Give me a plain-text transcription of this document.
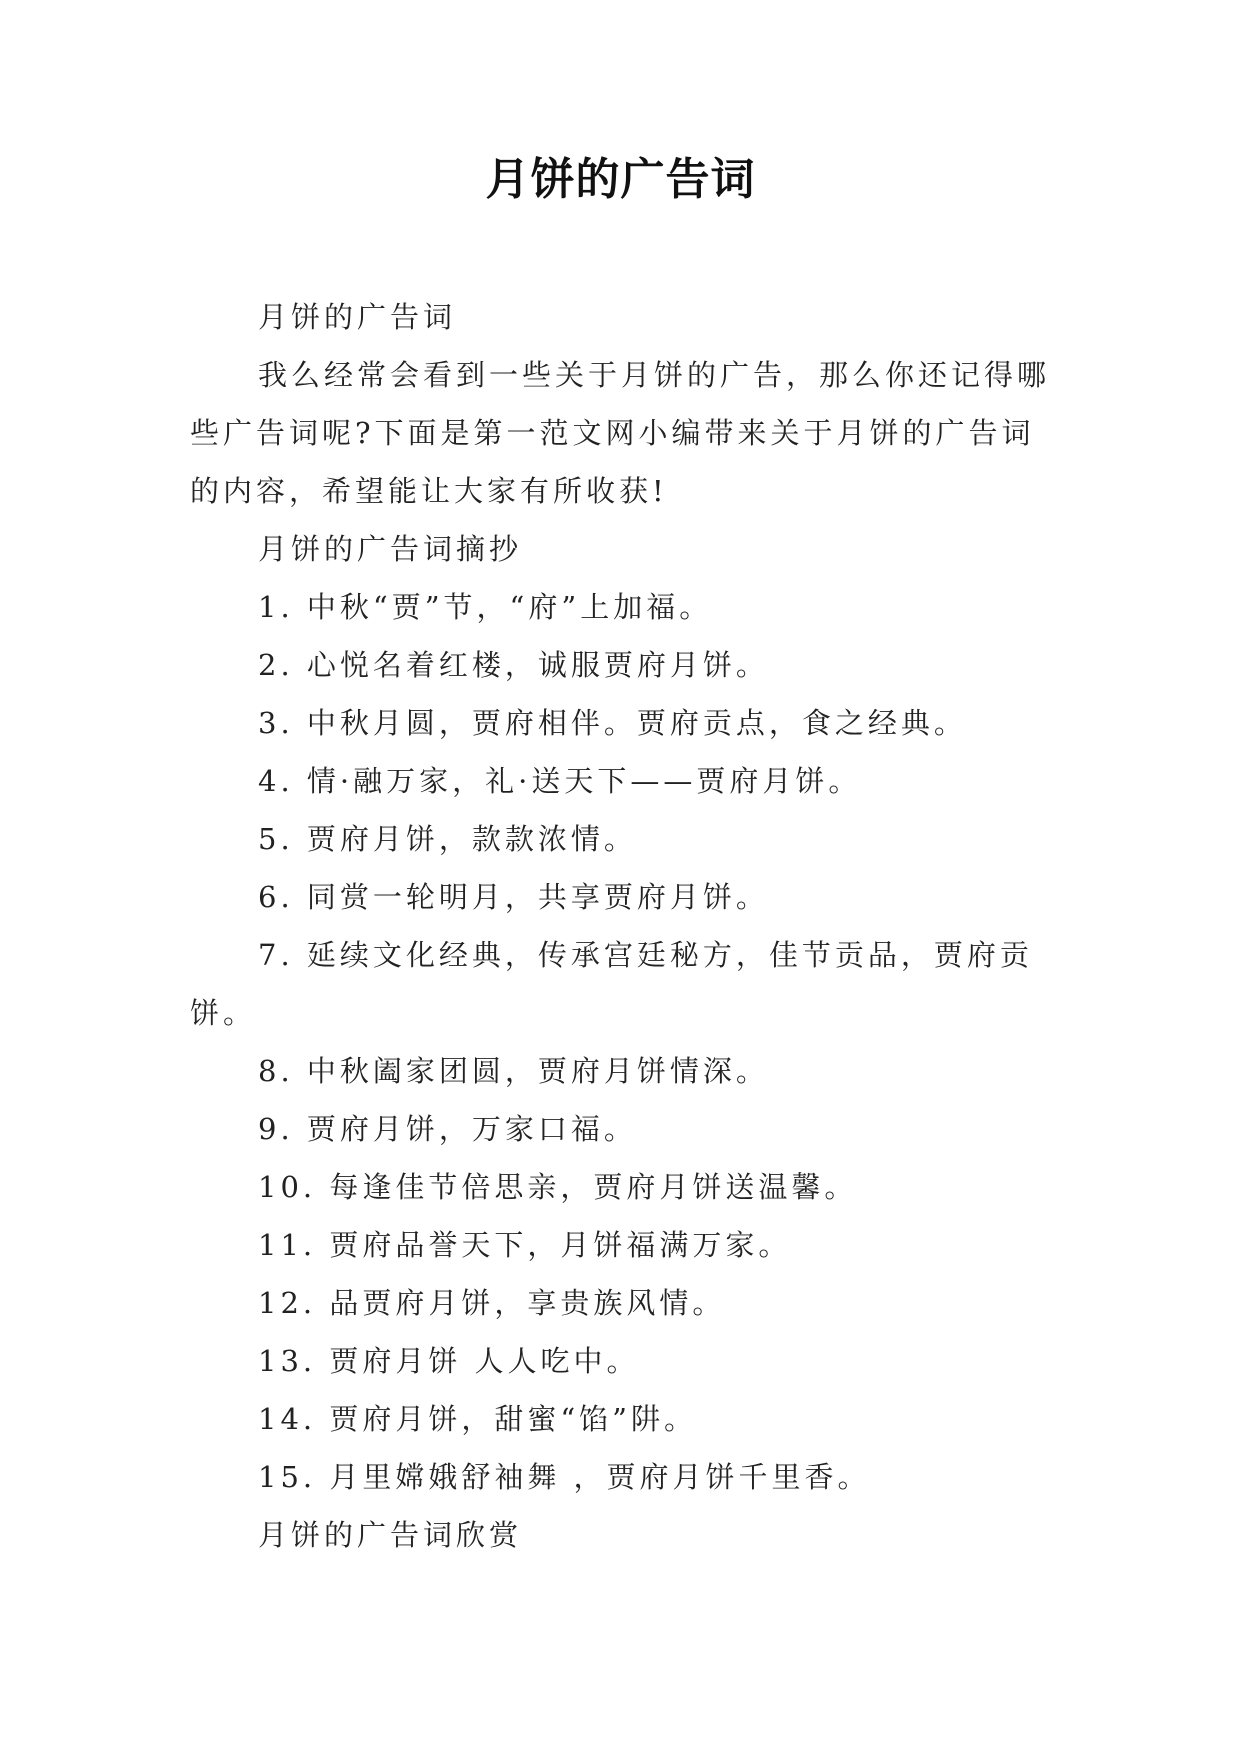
月饼的广告词

月饼的广告词

我么经常会看到一些关于月饼的广告，那么你还记得哪些广告词呢?下面是第一范文网小编带来关于月饼的广告词的内容，希望能让大家有所收获!

月饼的广告词摘抄

1. 中秋“贾”节，“府”上加福。

2. 心悦名着红楼，诚服贾府月饼。

3. 中秋月圆，贾府相伴。贾府贡点，食之经典。

4. 情·融万家，礼·送天下——贾府月饼。

5. 贾府月饼，款款浓情。

6. 同赏一轮明月，共享贾府月饼。

7. 延续文化经典，传承宫廷秘方，佳节贡品，贾府贡饼。

8. 中秋阖家团圆，贾府月饼情深。

9. 贾府月饼，万家口福。

10. 每逢佳节倍思亲，贾府月饼送温馨。

11. 贾府品誉天下，月饼福满万家。

12. 品贾府月饼，享贵族风情。

13. 贾府月饼 人人吃中。

14. 贾府月饼，甜蜜“馅”阱。

15. 月里嫦娥舒袖舞 ，贾府月饼千里香。

月饼的广告词欣赏
